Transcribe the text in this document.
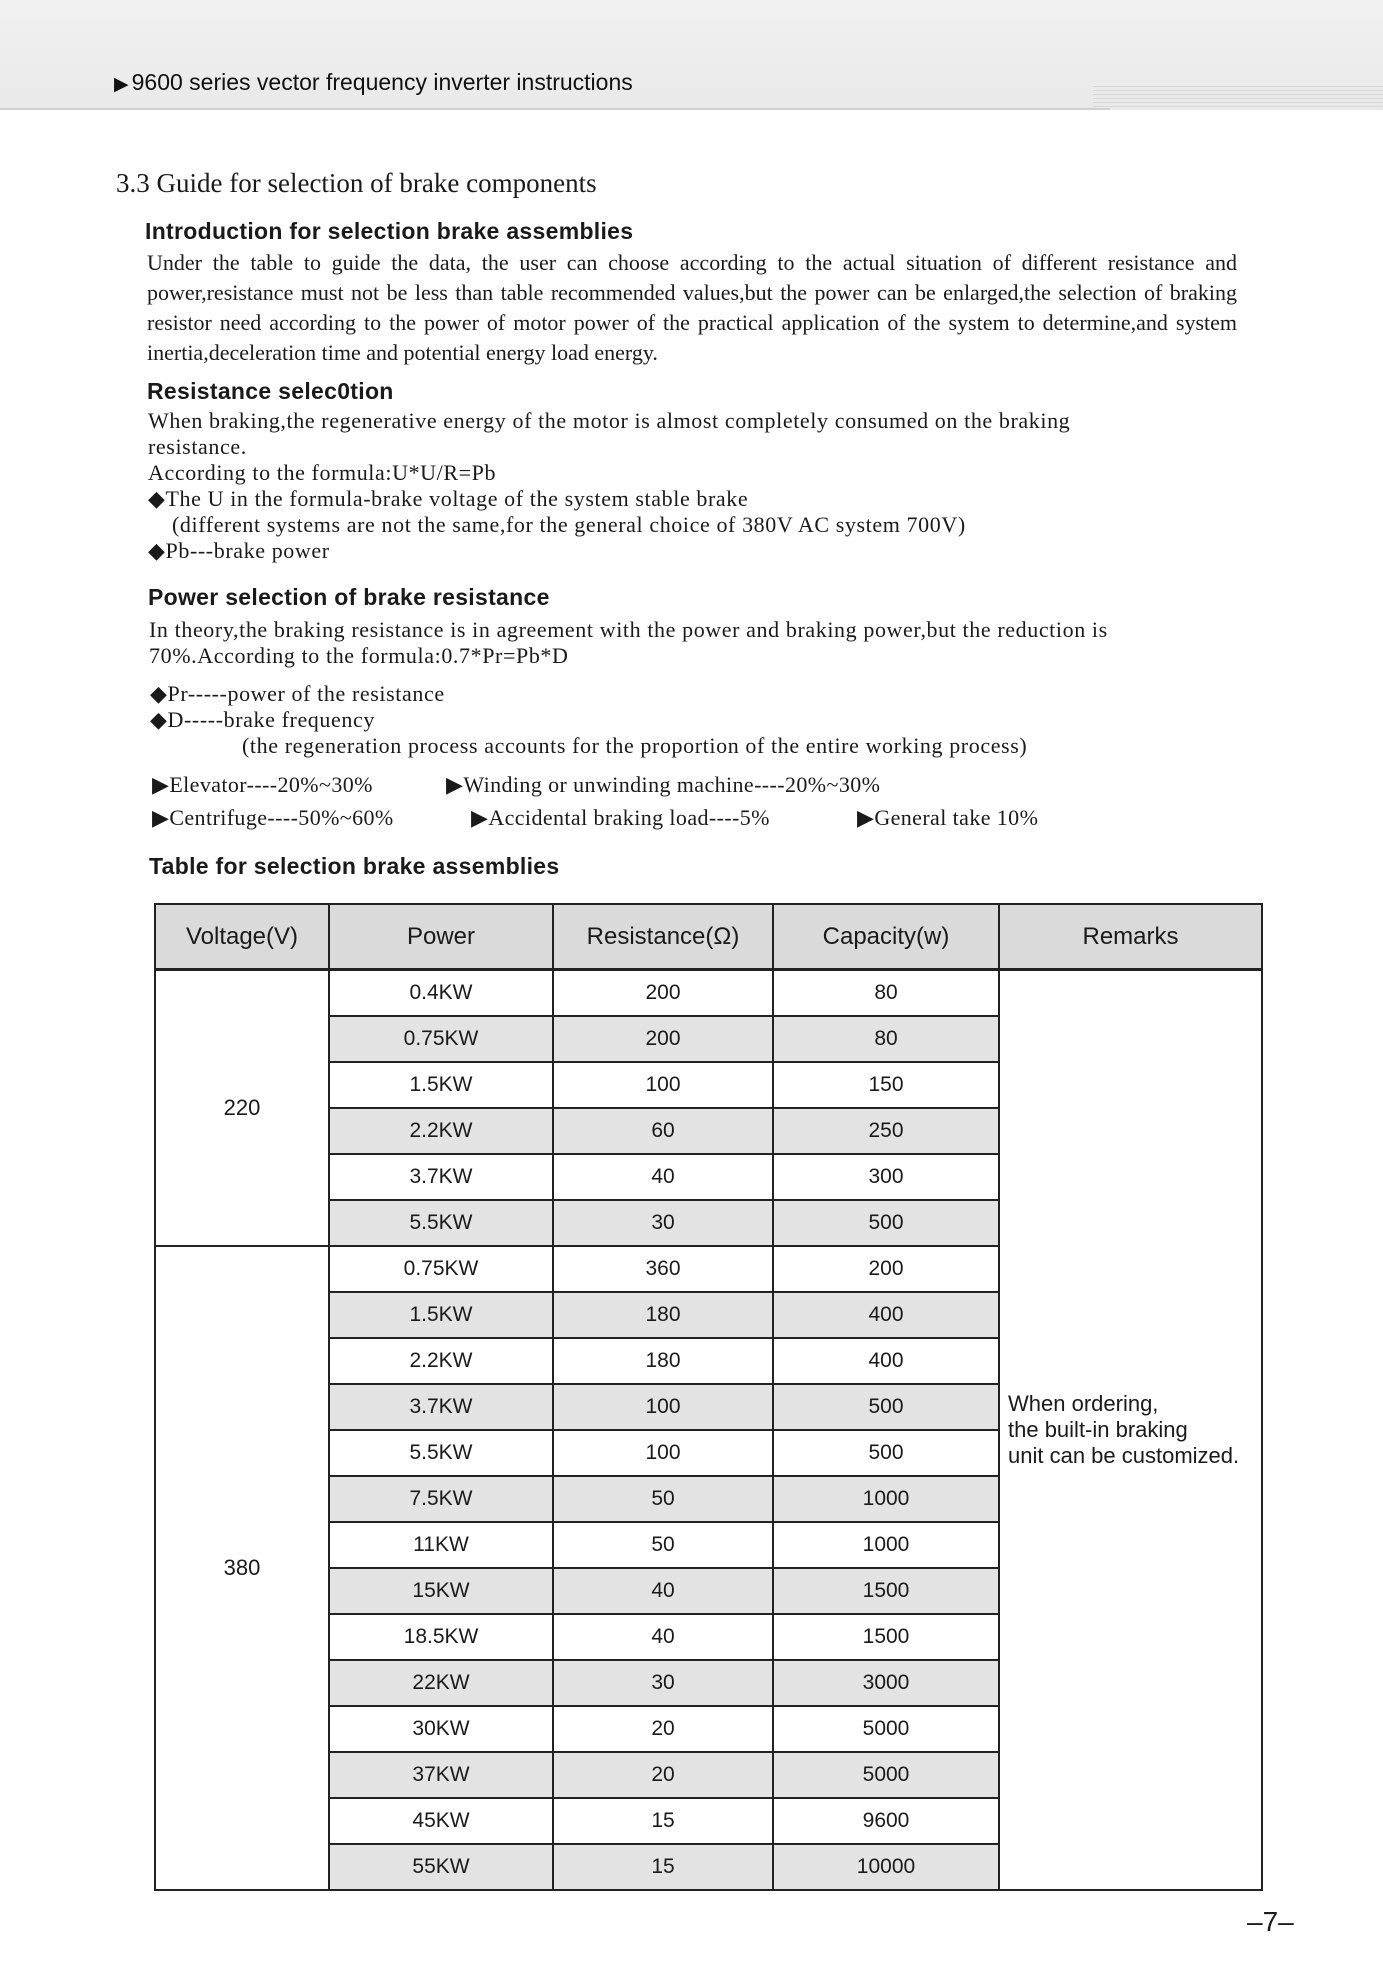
▶ 9600 series vector frequency inverter instructions
3.3 Guide for selection of brake components
Introduction for selection brake assemblies
Under the table to guide the data, the user can choose according to the actual situation of different resistance and power,resistance must not be less than table recommended values,but the power can be enlarged,the selection of braking resistor need according to the power of motor power of the practical application of the system to determine,and system inertia,deceleration time and potential energy load energy.
Resistance selec0tion
When braking,the regenerative energy of the motor is almost completely consumed on the braking
resistance.
According to the formula:U*U/R=Pb
◆The U in the formula-brake voltage of the system stable brake
(different systems are not the same,for the general choice of 380V AC system 700V)
◆Pb---brake power
Power selection of brake resistance
In theory,the braking resistance is in agreement with the power and braking power,but the reduction is
70%.According to the formula:0.7*Pr=Pb*D
◆Pr-----power of the resistance
◆D-----brake frequency
(the regeneration process accounts for the proportion of the entire working process)
▶Elevator----20%~30%	▶Winding or unwinding machine----20%~30%
▶Centrifuge----50%~60%	▶Accidental braking load----5%	▶General take 10%
Table for selection brake assemblies
Voltage(V)	Power	Resistance(Ω)	Capacity(w)	Remarks
220	0.4KW	200	80	When ordering,
the built-in braking
unit can be customized.

	0.75KW	200	80	
	1.5KW	100	150	
	2.2KW	60	250	
	3.7KW	40	300	
	5.5KW	30	500	
380	0.75KW	360	200	
	1.5KW	180	400	
	2.2KW	180	400	
	3.7KW	100	500	
	5.5KW	100	500	
	7.5KW	50	1000	
	11KW	50	1000	
	15KW	40	1500	
	18.5KW	40	1500	
	22KW	30	3000	
	30KW	20	5000	
	37KW	20	5000	
	45KW	15	9600	
	55KW	15	10000	
–7–
